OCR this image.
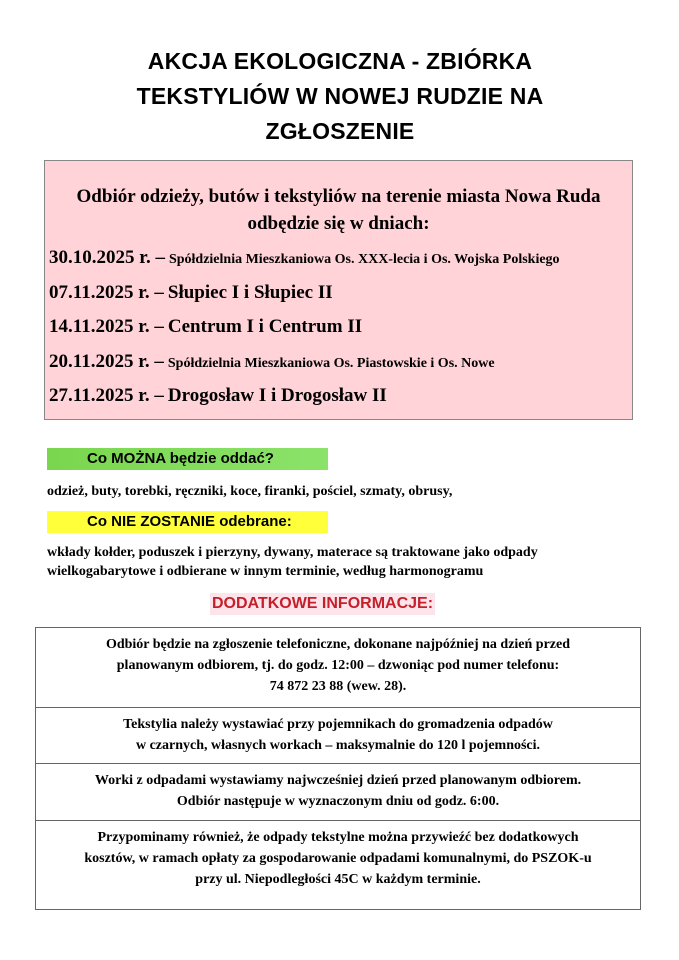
AKCJA EKOLOGICZNA - ZBIÓRKA
TEKSTYLIÓW W NOWEJ RUDZIE NA
ZGŁOSZENIE
Odbiór odzieży, butów i tekstyliów na terenie miasta Nowa Ruda
odbędzie się w dniach:
30.10.2025 r. – Spółdzielnia Mieszkaniowa Os. XXX-lecia i Os. Wojska Polskiego
07.11.2025 r. – Słupiec I i Słupiec II
14.11.2025 r. – Centrum I i Centrum II
20.11.2025 r. – Spółdzielnia Mieszkaniowa Os. Piastowskie i Os. Nowe
27.11.2025 r. – Drogosław I i Drogosław II
Co MOŻNA będzie oddać?
odzież, buty, torebki, ręczniki, koce, firanki, pościel, szmaty, obrusy,
Co NIE ZOSTANIE odebrane:
wkłady kołder, poduszek i pierzyny, dywany, materace są traktowane jako odpady
wielkogabarytowe i odbierane w innym terminie, według harmonogramu
DODATKOWE INFORMACJE:
Odbiór będzie na zgłoszenie telefoniczne, dokonane najpóźniej na dzień przed
planowanym odbiorem, tj. do godz. 12:00 – dzwoniąc pod numer telefonu:
74 872 23 88 (wew. 28).
Tekstylia należy wystawiać przy pojemnikach do gromadzenia odpadów
w czarnych, własnych workach – maksymalnie do 120 l pojemności.
Worki z odpadami wystawiamy najwcześniej dzień przed planowanym odbiorem.
Odbiór następuje w wyznaczonym dniu od godz. 6:00.
Przypominamy również, że odpady tekstylne można przywieźć bez dodatkowych
kosztów, w ramach opłaty za gospodarowanie odpadami komunalnymi, do PSZOK-u
przy ul. Niepodległości 45C w każdym terminie.
